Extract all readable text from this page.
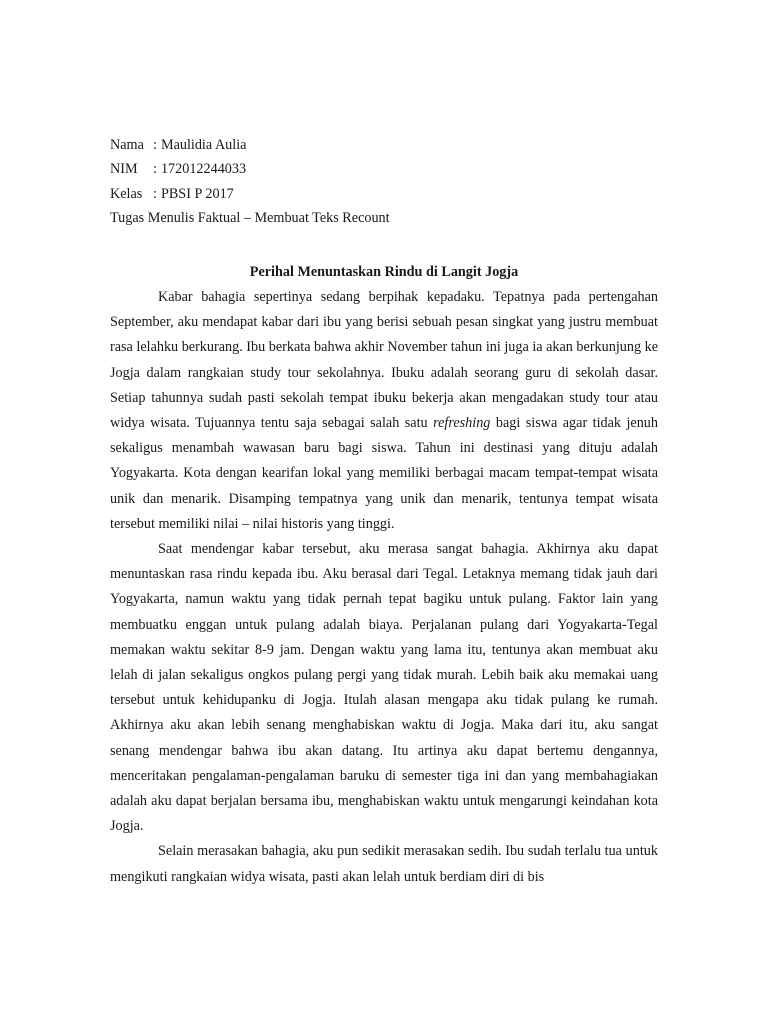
Nama : Maulidia Aulia
NIM	: 172012244033
Kelas : PBSI P 2017
Tugas Menulis Faktual – Membuat Teks Recount
Perihal Menuntaskan Rindu di Langit Jogja

Kabar bahagia sepertinya sedang berpihak kepadaku. Tepatnya pada pertengahan September, aku mendapat kabar dari ibu yang berisi sebuah pesan singkat yang justru membuat rasa lelahku berkurang. Ibu berkata bahwa akhir November tahun ini juga ia akan berkunjung ke Jogja dalam rangkaian study tour sekolahnya. Ibuku adalah seorang guru di sekolah dasar. Setiap tahunnya sudah pasti sekolah tempat ibuku bekerja akan mengadakan study tour atau widya wisata. Tujuannya tentu saja sebagai salah satu refreshing bagi siswa agar tidak jenuh sekaligus menambah wawasan baru bagi siswa. Tahun ini destinasi yang dituju adalah Yogyakarta. Kota dengan kearifan lokal yang memiliki berbagai macam tempat-tempat wisata unik dan menarik. Disamping tempatnya yang unik dan menarik, tentunya tempat wisata tersebut memiliki nilai – nilai historis yang tinggi.

Saat mendengar kabar tersebut, aku merasa sangat bahagia. Akhirnya aku dapat menuntaskan rasa rindu kepada ibu. Aku berasal dari Tegal. Letaknya memang tidak jauh dari Yogyakarta, namun waktu yang tidak pernah tepat bagiku untuk pulang. Faktor lain yang membuatku enggan untuk pulang adalah biaya. Perjalanan pulang dari Yogyakarta-Tegal memakan waktu sekitar 8-9 jam. Dengan waktu yang lama itu, tentunya akan membuat aku lelah di jalan sekaligus ongkos pulang pergi yang tidak murah. Lebih baik aku memakai uang tersebut untuk kehidupanku di Jogja. Itulah alasan mengapa aku tidak pulang ke rumah. Akhirnya aku akan lebih senang menghabiskan waktu di Jogja. Maka dari itu, aku sangat senang mendengar bahwa ibu akan datang. Itu artinya aku dapat bertemu dengannya, menceritakan pengalaman-pengalaman baruku di semester tiga ini dan yang membahagiakan adalah aku dapat berjalan bersama ibu, menghabiskan waktu untuk mengarungi keindahan kota Jogja.

Selain merasakan bahagia, aku pun sedikit merasakan sedih. Ibu sudah terlalu tua untuk mengikuti rangkaian widya wisata, pasti akan lelah untuk berdiam diri di bis
